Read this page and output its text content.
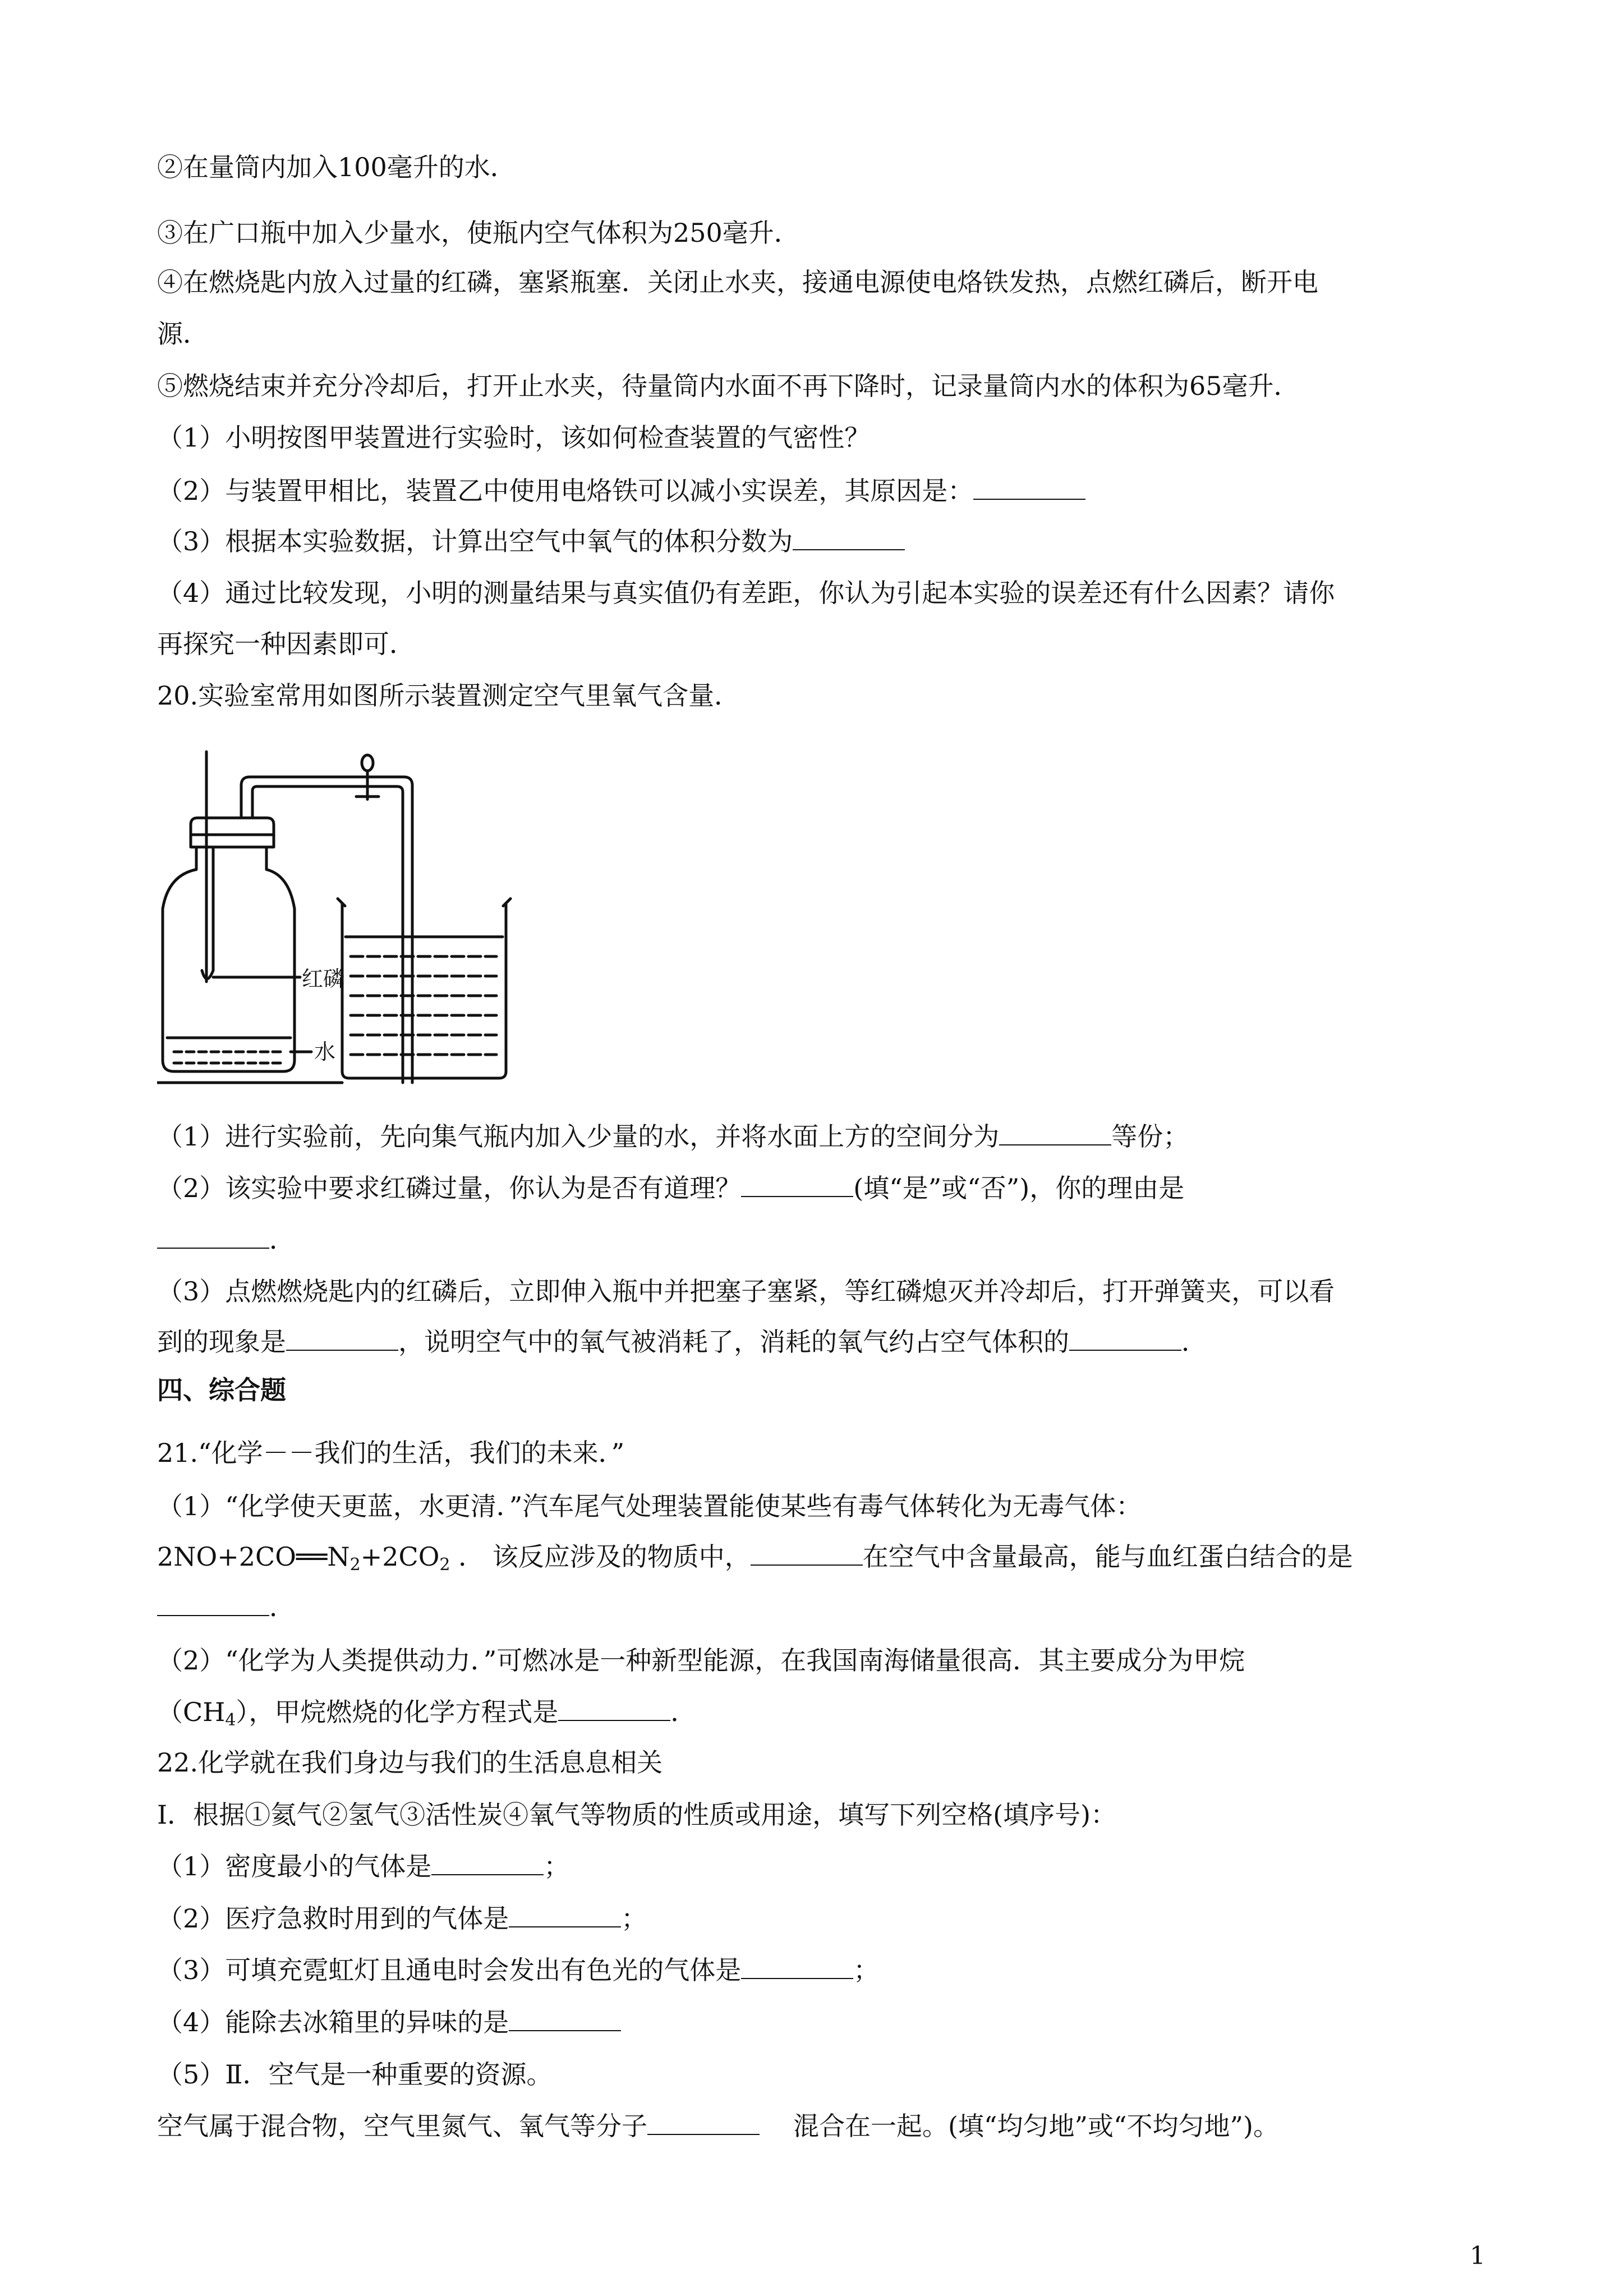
②在量筒内加入100毫升的水．
③在广口瓶中加入少量水，使瓶内空气体积为250毫升．
④在燃烧匙内放入过量的红磷，塞紧瓶塞．关闭止水夹，接通电源使电烙铁发热，点燃红磷后，断开电
源．
⑤燃烧结束并充分冷却后，打开止水夹，待量筒内水面不再下降时，记录量筒内水的体积为65毫升．
（1）小明按图甲装置进行实验时，该如何检查装置的气密性？
（2）与装置甲相比，装置乙中使用电烙铁可以减小实误差，其原因是：
（3）根据本实验数据，计算出空气中氧气的体积分数为
（4）通过比较发现，小明的测量结果与真实值仍有差距，你认为引起本实验的误差还有什么因素？请你
再探究一种因素即可．
20.实验室常用如图所示装置测定空气里氧气含量．
（1）进行实验前，先向集气瓶内加入少量的水，并将水面上方的空间分为	等份；
（2）该实验中要求红磷过量，你认为是否有道理？	(填“是”或“否”)，你的理由是
．
（3）点燃燃烧匙内的红磷后，立即伸入瓶中并把塞子塞紧，等红磷熄灭并冷却后，打开弹簧夹，可以看
到的现象是	，说明空气中的氧气被消耗了，消耗的氧气约占空气体积的	．
四、综合题
21.“化学－－我们的生活，我们的未来．”
（1）“化学使天更蓝，水更清．”汽车尾气处理装置能使某些有毒气体转化为无毒气体：
$2NO+2CO══N_2+2CO_2$ ． 该反应涉及的物质中，	在空气中含量最高，能与血红蛋白结合的是
．
（2）“化学为人类提供动力．”可燃冰是一种新型能源，在我国南海储量很高．其主要成分为甲烷
$(CH_4)$，甲烷燃烧的化学方程式是	．
22.化学就在我们身边与我们的生活息息相关
Ⅰ．根据①氦气②氢气③活性炭④氧气等物质的性质或用途，填写下列空格(填序号)：
（1）密度最小的气体是	；
（2）医疗急救时用到的气体是	；
（3）可填充霓虹灯且通电时会发出有色光的气体是	；
（4）能除去冰箱里的异味的是
（5）Ⅱ．空气是一种重要的资源。
空气属于混合物，空气里氮气、氧气等分子	混合在一起。(填“均匀地”或“不均匀地”)。
红磷
水
1
